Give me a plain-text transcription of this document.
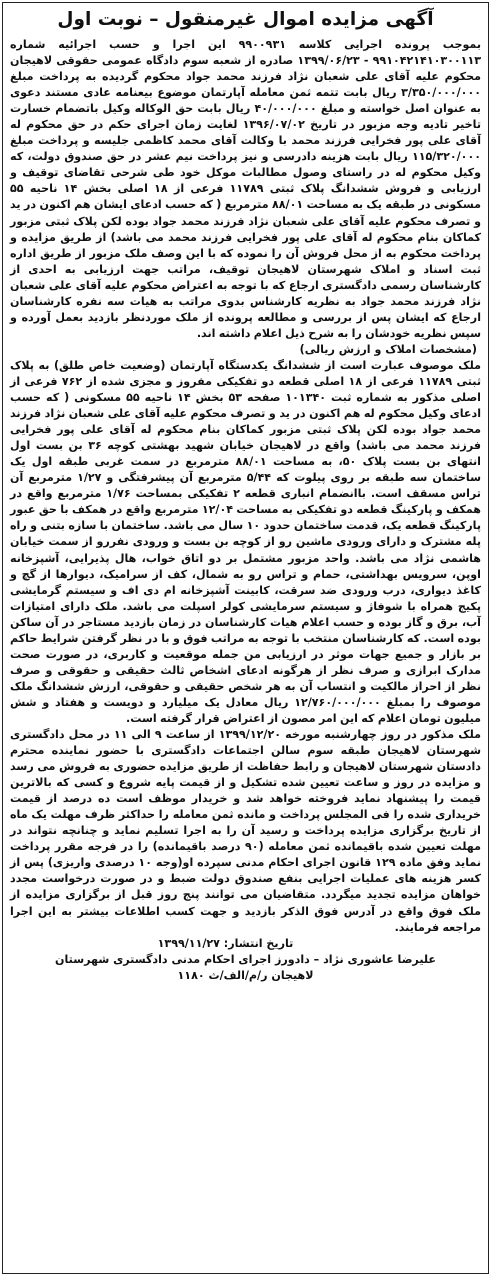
آگهی مزایده اموال غیرمنقول – نوبت اول

بموجب پرونده اجرایی کلاسه ۹۹۰۰۹۳۱ این اجرا و حسب اجرائیه شماره ۹۹۱۰۴۲۱۴۱۰۳۰۰۱۱۳ - ۱۳۹۹/۰۶/۲۳ صادره از شعبه سوم دادگاه عمومی حقوقی لاهیجان محکوم علیه آقای علی شعبان نژاد فرزند محمد جواد محکوم گردیده به پرداخت مبلغ ۳/۳۵۰/۰۰۰/۰۰۰ ریال بابت تتمه ثمن معامله آپارتمان موضوع بیعنامه عادی مستند دعوی به عنوان اصل خواسته و مبلغ ۴۰/۰۰۰/۰۰۰ ریال بابت حق الوکاله وکیل باتضمام خسارت تاخیر تادیه وجه مزبور در تاریخ ۱۳۹۶/۰۷/۰۲ لغایت زمان اجرای حکم در حق محکوم له آقای علی پور فخرایی فرزند محمد با وکالت آقای محمد کاظمی جلیسه و پرداخت مبلغ ۱۱۵/۳۲۰/۰۰۰ ریال بابت هزینه دادرسی و نیز پرداخت نیم عشر در حق صندوق دولت، که وکیل محکوم له در راستای وصول مطالبات موکل خود طی شرحی تقاضای توقیف و ارزیابی و فروش ششدانگ پلاک ثبتی ۱۱۷۸۹ فرعی از ۱۸ اصلی بخش ۱۴ ناحیه ۵۵ مسکونی در طبقه یک به مساحت ۸۸/۰۱ مترمربع ( که حسب ادعای ایشان هم اکنون در ید و تصرف محکوم علیه آقای علی شعبان نژاد فرزند محمد جواد بوده لکن پلاک ثبتی مزبور کماکان بنام محکوم له آقای علی پور فخرایی فرزند محمد می باشد) از طریق مزایده و پرداخت محکوم به از محل فروش آن را نموده که با این وصف ملک مزبور از طریق اداره ثبت اسناد و املاک شهرستان لاهیجان توقیف، مراتب جهت ارزیابی به احدی از کارشناسان رسمی دادگستری ارجاع که با توجه به اعتراض محکوم علیه آقای علی شعبان نژاد فرزند محمد جواد به نظریه کارشناس بدوی مراتب به هیات سه نفره کارشناسان ارجاع که ایشان پس از بررسی و مطالعه پرونده از ملک موردنظر بازدید بعمل آورده و سپس نظریه خودشان را به شرح ذیل اعلام داشته اند.

(مشخصات املاک و ارزش ریالی)

ملک موصوف عبارت است از ششدانگ یکدستگاه آپارتمان (وضعیت خاص طلق) به پلاک ثبتی ۱۱۷۸۹ فرعی از ۱۸ اصلی قطعه دو تفکیکی مفروز و مجزی شده از ۷۶۲ فرعی از اصلی مذکور به شماره ثبت ۱۰۱۳۴۰ صفحه ۵۳ بخش ۱۴ ناحیه ۵۵ مسکونی ( که حسب ادعای وکیل محکوم له هم اکنون در ید و تصرف محکوم علیه آقای علی شعبان نژاد فرزند محمد جواد بوده لکن پلاک ثبتی مزبور کماکان بنام محکوم له آقای علی پور فخرایی فرزند محمد می باشد) واقع در لاهیجان خیابان شهید بهشتی کوچه ۳۶ بن بست اول انتهای بن بست پلاک ۵۰، به مساحت ۸۸/۰۱ مترمربع در سمت غربی طبقه اول یک ساختمان سه طبقه بر روی پیلوت که ۵/۴۴ مترمربع آن پیشرفتگی و ۱/۲۷ مترمربع آن تراس مسقف است. باانضمام انباری قطعه ۲ تفکیکی بمساحت ۱/۷۶ مترمربع واقع در همکف و پارکینگ قطعه دو تفکیکی به مساحت ۱۲/۰۴ مترمربع واقع در همکف با حق عبور پارکینگ قطعه یک، قدمت ساختمان حدود ۱۰ سال می باشد. ساختمان با سازه بتنی و راه پله مشترک و دارای ورودی ماشین رو از کوچه بن بست و ورودی نفررو از سمت خیابان هاشمی نژاد می باشد. واحد مزبور مشتمل بر دو اتاق خواب، هال پذیرایی، آشپزخانه اوپن، سرویس بهداشتی، حمام و تراس رو به شمال، کف از سرامیک، دیوارها از گچ و کاغذ دیواری، درب ورودی ضد سرقت، کابینت آشپزخانه ام دی اف و سیستم گرمایشی پکیج همراه با شوفاژ و سیستم سرمایشی کولر اسپلت می باشد. ملک دارای امتیازات آب، برق و گاز بوده و حسب اعلام هیات کارشناسان در زمان بازدید مستاجر در آن ساکن بوده است. که کارشناسان منتخب با توجه به مراتب فوق و با در نظر گرفتن شرایط حاکم بر بازار و جمیع جهات موثر در ارزیابی من جمله موقعیت و کاربری، در صورت صحت مدارک ابرازی و صرف نظر از هرگونه ادعای اشخاص ثالث حقیقی و حقوقی و صرف نظر از احراز مالکیت و انتساب آن به هر شخص حقیقی و حقوقی، ارزش ششدانگ ملک موصوف را بمبلغ ۱۲/۷۶۰/۰۰۰/۰۰۰ ریال معادل یک میلیارد و دویست و هفتاد و شش میلیون تومان اعلام که این امر مصون از اعتراض قرار گرفته است.

ملک مذکور در روز چهارشنبه مورخه ۱۳۹۹/۱۲/۲۰ از ساعت ۹ الی ۱۱ در محل دادگستری شهرستان لاهیجان طبقه سوم سالن اجتماعات دادگستری با حضور نماینده محترم دادستان شهرستان لاهیجان و رابط حفاظت از طریق مزایده حضوری به فروش می رسد و مزایده در روز و ساعت تعیین شده تشکیل و از قیمت پایه شروع و کسی که بالاترین قیمت را پیشنهاد نماید فروخته خواهد شد و خریدار موظف است ده درصد از قیمت خریداری شده را فی المجلس پرداخت و مانده ثمن معامله را حداکثر ظرف مهلت یک ماه از تاریخ برگزاری مزایده پرداخت و رسید آن را به اجرا تسلیم نماید و چنانچه نتواند در مهلت تعیین شده باقیمانده ثمن معامله (۹۰ درصد باقیمانده) را در فرجه مقرر پرداخت نماید وفق ماده ۱۲۹ قانون اجرای احکام مدنی سپرده او(وجه ۱۰ درصدی واریزی) پس از کسر هزینه های عملیات اجرایی بنفع صندوق دولت ضبط و در صورت درخواست مجدد خواهان مزایده تجدید میگردد. متقاضیان می توانند پنج روز قبل از برگزاری مزایده از ملک فوق واقع در آدرس فوق الذکر بازدید و جهت کسب اطلاعات بیشتر به این اجرا مراجعه فرمایند.

تاریخ انتشار: ۱۳۹۹/۱۱/۲۷
علیرضا عاشوری نژاد – دادورز اجرای احکام مدنی دادگستری شهرستان
لاهیجان ر/م/الف/ث ۱۱۸۰
